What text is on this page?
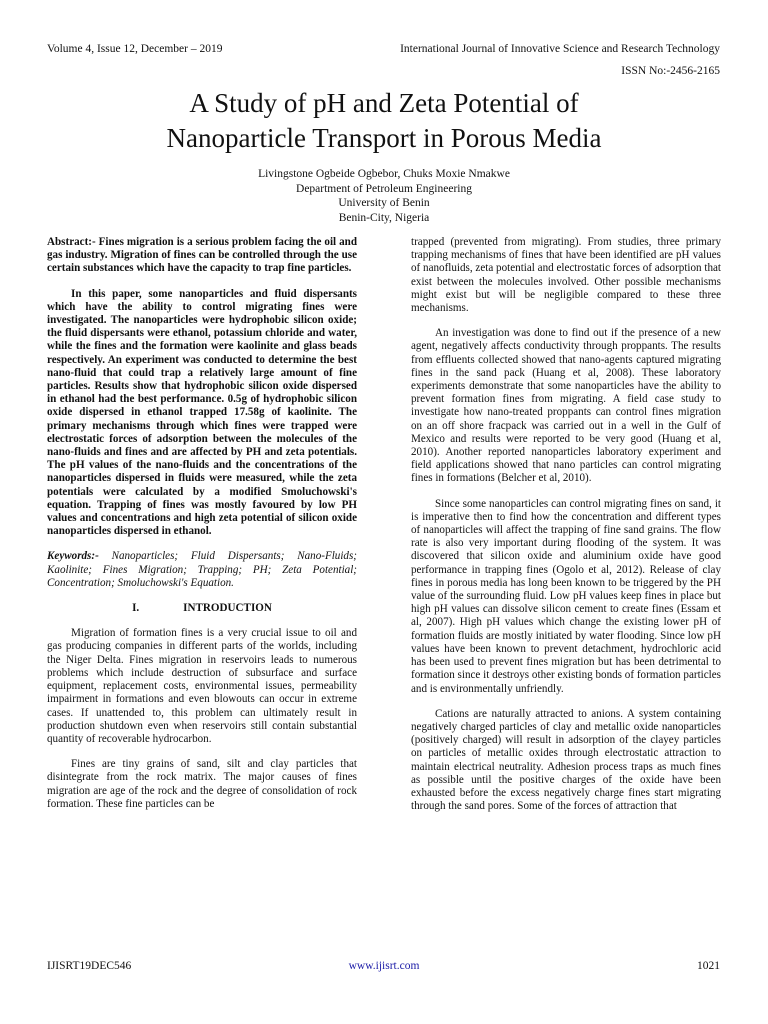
Volume 4, Issue 12, December – 2019	International Journal of Innovative Science and Research Technology
ISSN No:-2456-2165
A Study of pH and Zeta Potential of
Nanoparticle Transport in Porous Media
Livingstone Ogbeide Ogbebor, Chuks Moxie Nmakwe
Department of Petroleum Engineering
University of Benin
Benin-City, Nigeria

Abstract:- Fines migration is a serious problem facing the oil and gas industry. Migration of fines can be controlled through the use certain substances which have the capacity to trap fine particles.

In this paper, some nanoparticles and fluid dispersants which have the ability to control migrating fines were investigated. The nanoparticles were hydrophobic silicon oxide; the fluid dispersants were ethanol, potassium chloride and water, while the fines and the formation were kaolinite and glass beads respectively. An experiment was conducted to determine the best nano-fluid that could trap a relatively large amount of fine particles. Results show that hydrophobic silicon oxide dispersed in ethanol had the best performance. 0.5g of hydrophobic silicon oxide dispersed in ethanol trapped 17.58g of kaolinite. The primary mechanisms through which fines were trapped were electrostatic forces of adsorption between the molecules of the nano-fluids and fines and are affected by PH and zeta potentials. The pH values of the nano-fluids and the concentrations of the nanoparticles dispersed in fluids were measured, while the zeta potentials were calculated by a modified Smoluchowski's equation. Trapping of fines was mostly favoured by low PH values and concentrations and high zeta potential of silicon oxide nanoparticles dispersed in ethanol.

Keywords:- Nanoparticles; Fluid Dispersants; Nano-Fluids; Kaolinite; Fines Migration; Trapping; PH; Zeta Potential; Concentration; Smoluchowski's Equation.

I.	INTRODUCTION

Migration of formation fines is a very crucial issue to oil and gas producing companies in different parts of the worlds, including the Niger Delta. Fines migration in reservoirs leads to numerous problems which include destruction of subsurface and surface equipment, replacement costs, environmental issues, permeability impairment in formations and even blowouts can occur in extreme cases. If unattended to, this problem can ultimately result in production shutdown even when reservoirs still contain substantial quantity of recoverable hydrocarbon.

Fines are tiny grains of sand, silt and clay particles that disintegrate from the rock matrix. The major causes of fines migration are age of the rock and the degree of consolidation of rock formation. These fine particles can be

trapped (prevented from migrating). From studies, three primary trapping mechanisms of fines that have been identified are pH values of nanofluids, zeta potential and electrostatic forces of adsorption that exist between the molecules involved. Other possible mechanisms might exist but will be negligible compared to these three mechanisms.

An investigation was done to find out if the presence of a new agent, negatively affects conductivity through proppants. The results from effluents collected showed that nano-agents captured migrating fines in the sand pack (Huang et al, 2008). These laboratory experiments demonstrate that some nanoparticles have the ability to prevent formation fines from migrating. A field case study to investigate how nano-treated proppants can control fines migration on an off shore fracpack was carried out in a well in the Gulf of Mexico and results were reported to be very good (Huang et al, 2010). Another reported nanoparticles laboratory experiment and field applications showed that nano particles can control migrating fines in formations (Belcher et al, 2010).

Since some nanoparticles can control migrating fines on sand, it is imperative then to find how the concentration and different types of nanoparticles will affect the trapping of fine sand grains. The flow rate is also very important during flooding of the system. It was discovered that silicon oxide and aluminium oxide have good performance in trapping fines (Ogolo et al, 2012). Release of clay fines in porous media has long been known to be triggered by the PH value of the surrounding fluid. Low pH values keep fines in place but high pH values can dissolve silicon cement to create fines (Essam et al, 2007). High pH values which change the existing lower pH of formation fluids are mostly initiated by water flooding. Since low pH values have been known to prevent detachment, hydrochloric acid has been used to prevent fines migration but has been detrimental to formation since it destroys other existing bonds of formation particles and is environmentally unfriendly.

Cations are naturally attracted to anions. A system containing negatively charged particles of clay and metallic oxide nanoparticles (positively charged) will result in adsorption of the clayey particles on particles of metallic oxides through electrostatic attraction to maintain electrical neutrality. Adhesion process traps as much fines as possible until the positive charges of the oxide have been exhausted before the excess negatively charge fines start migrating through the sand pores. Some of the forces of attraction that

IJISRT19DEC546	www.ijisrt.com	1021
